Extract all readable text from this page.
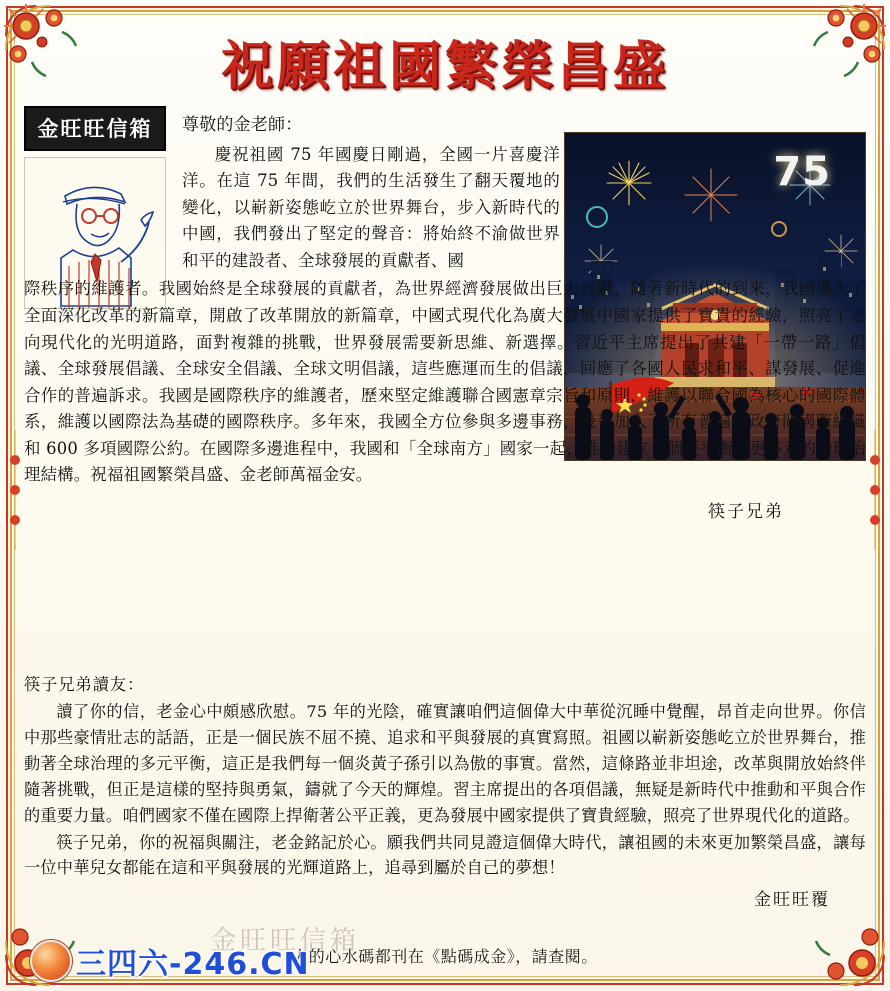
祝願祖國繁榮昌盛
金旺旺信箱
75
尊敬的金老師：
慶祝祖國 75 年國慶日剛過，全國一片喜慶洋洋。在這 75 年間，我們的生活發生了翻天覆地的變化，以嶄新姿態屹立於世界舞台，步入新時代的中國，我們發出了堅定的聲音：將始終不渝做世界和平的建設者、全球發展的貢獻者、國
際秩序的維護者。我國始終是全球發展的貢獻者，為世界經濟發展做出巨大貢獻，隨著新時代的到來，我國邁入了全面深化改革的新篇章，開啟了改革開放的新篇章，中國式現代化為廣大發展中國家提供了寶貴的經驗，照亮了走向現代化的光明道路，面對複雜的挑戰，世界發展需要新思維、新選擇。習近平主席提出了共建「一帶一路」倡議、全球發展倡議、全球安全倡議、全球文明倡議，這些應運而生的倡議，回應了各國人民求和平、謀發展、促進合作的普遍訴求。我國是國際秩序的維護者，歷來堅定維護聯合國憲章宗旨和原則，維護以聯合國為核心的國際體系，維護以國際法為基礎的國際秩序。多年來，我國全方位參與多邊事務，幾乎加入了所有普遍性政府間國際組織和 600 多項國際公約。在國際多邊進程中，我國和「全球南方」國家一起，推動建立一個更平衡、更多元的全球治理結構。祝福祖國繁榮昌盛、金老師萬福金安。
筷子兄弟

筷子兄弟讀友：

讀了你的信，老金心中頗感欣慰。75 年的光陰，確實讓咱們這個偉大中華從沉睡中覺醒，昂首走向世界。你信中那些豪情壯志的話語，正是一個民族不屈不撓、追求和平與發展的真實寫照。祖國以嶄新姿態屹立於世界舞台，推動著全球治理的多元平衡，這正是我們每一個炎黃子孫引以為傲的事實。當然，這條路並非坦途，改革與開放始終伴隨著挑戰，但正是這樣的堅持與勇氣，鑄就了今天的輝煌。習主席提出的各項倡議，無疑是新時代中推動和平與合作的重要力量。咱們國家不僅在國際上捍衛著公平正義，更為發展中國家提供了寶貴經驗，照亮了世界現代化的道路。

筷子兄弟，你的祝福與關注，老金銘記於心。願我們共同見證這個偉大時代，讓祖國的未來更加繁榮昌盛，讓每一位中華兒女都能在這和平與發展的光輝道路上，追尋到屬於自己的夢想！

金旺旺覆
人的心水碼都刊在《點碼成金》，請查閱。
金旺旺信箱
三四六-246.CN
